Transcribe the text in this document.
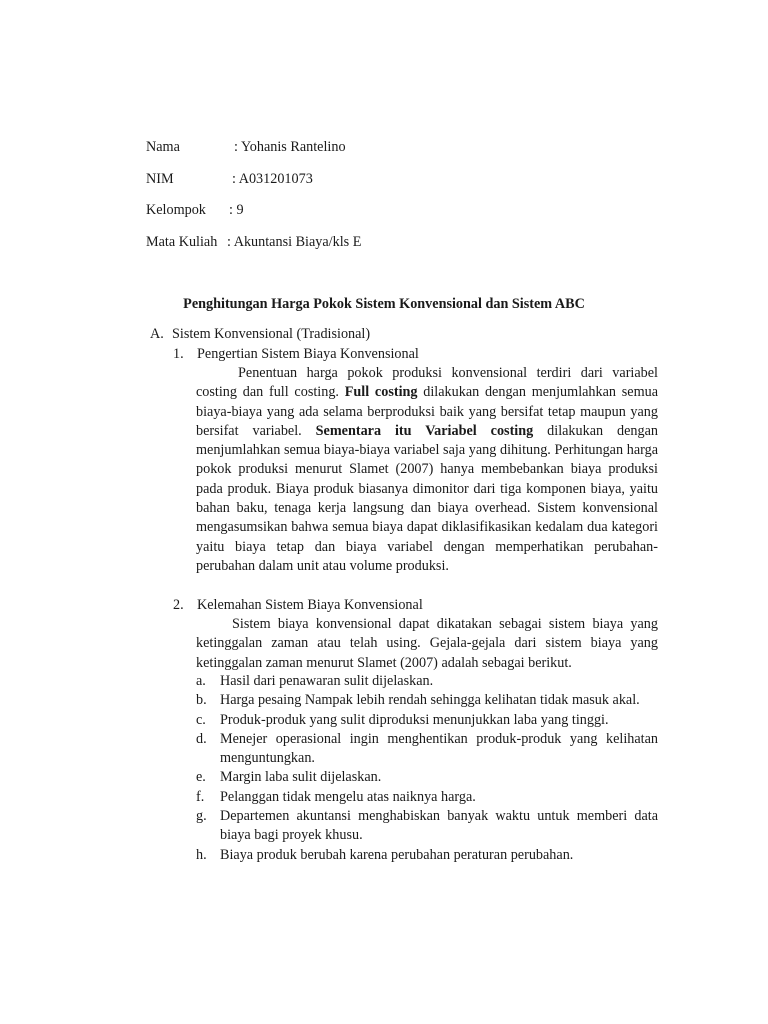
Nama	: Yohanis Rantelino
NIM	: A031201073
Kelompok : 9
Mata Kuliah : Akuntansi Biaya/kls E
Penghitungan Harga Pokok Sistem Konvensional dan Sistem ABC
A. Sistem Konvensional (Tradisional)
1. Pengertian Sistem Biaya Konvensional

Penentuan harga pokok produksi konvensional terdiri dari variabel costing dan full costing. Full costing dilakukan dengan menjumlahkan semua biaya-biaya yang ada selama berproduksi baik yang bersifat tetap maupun yang bersifat variabel. Sementara itu Variabel costing dilakukan dengan menjumlahkan semua biaya-biaya variabel saja yang dihitung. Perhitungan harga pokok produksi menurut Slamet (2007) hanya membebankan biaya produksi pada produk. Biaya produk biasanya dimonitor dari tiga komponen biaya, yaitu bahan baku, tenaga kerja langsung dan biaya overhead. Sistem konvensional mengasumsikan bahwa semua biaya dapat diklasifikasikan kedalam dua kategori yaitu biaya tetap dan biaya variabel dengan memperhatikan perubahan-perubahan dalam unit atau volume produksi.

2. Kelemahan Sistem Biaya Konvensional

Sistem biaya konvensional dapat dikatakan sebagai sistem biaya yang ketinggalan zaman atau telah using. Gejala-gejala dari sistem biaya yang ketinggalan zaman menurut Slamet (2007) adalah sebagai berikut.

a. Hasil dari penawaran sulit dijelaskan.
b. Harga pesaing Nampak lebih rendah sehingga kelihatan tidak masuk akal.
c. Produk-produk yang sulit diproduksi menunjukkan laba yang tinggi.
d. Menejer operasional ingin menghentikan produk-produk yang kelihatan menguntungkan.
e. Margin laba sulit dijelaskan.
f. Pelanggan tidak mengelu atas naiknya harga.
g. Departemen akuntansi menghabiskan banyak waktu untuk memberi data biaya bagi proyek khusu.
h. Biaya produk berubah karena perubahan peraturan perubahan.
